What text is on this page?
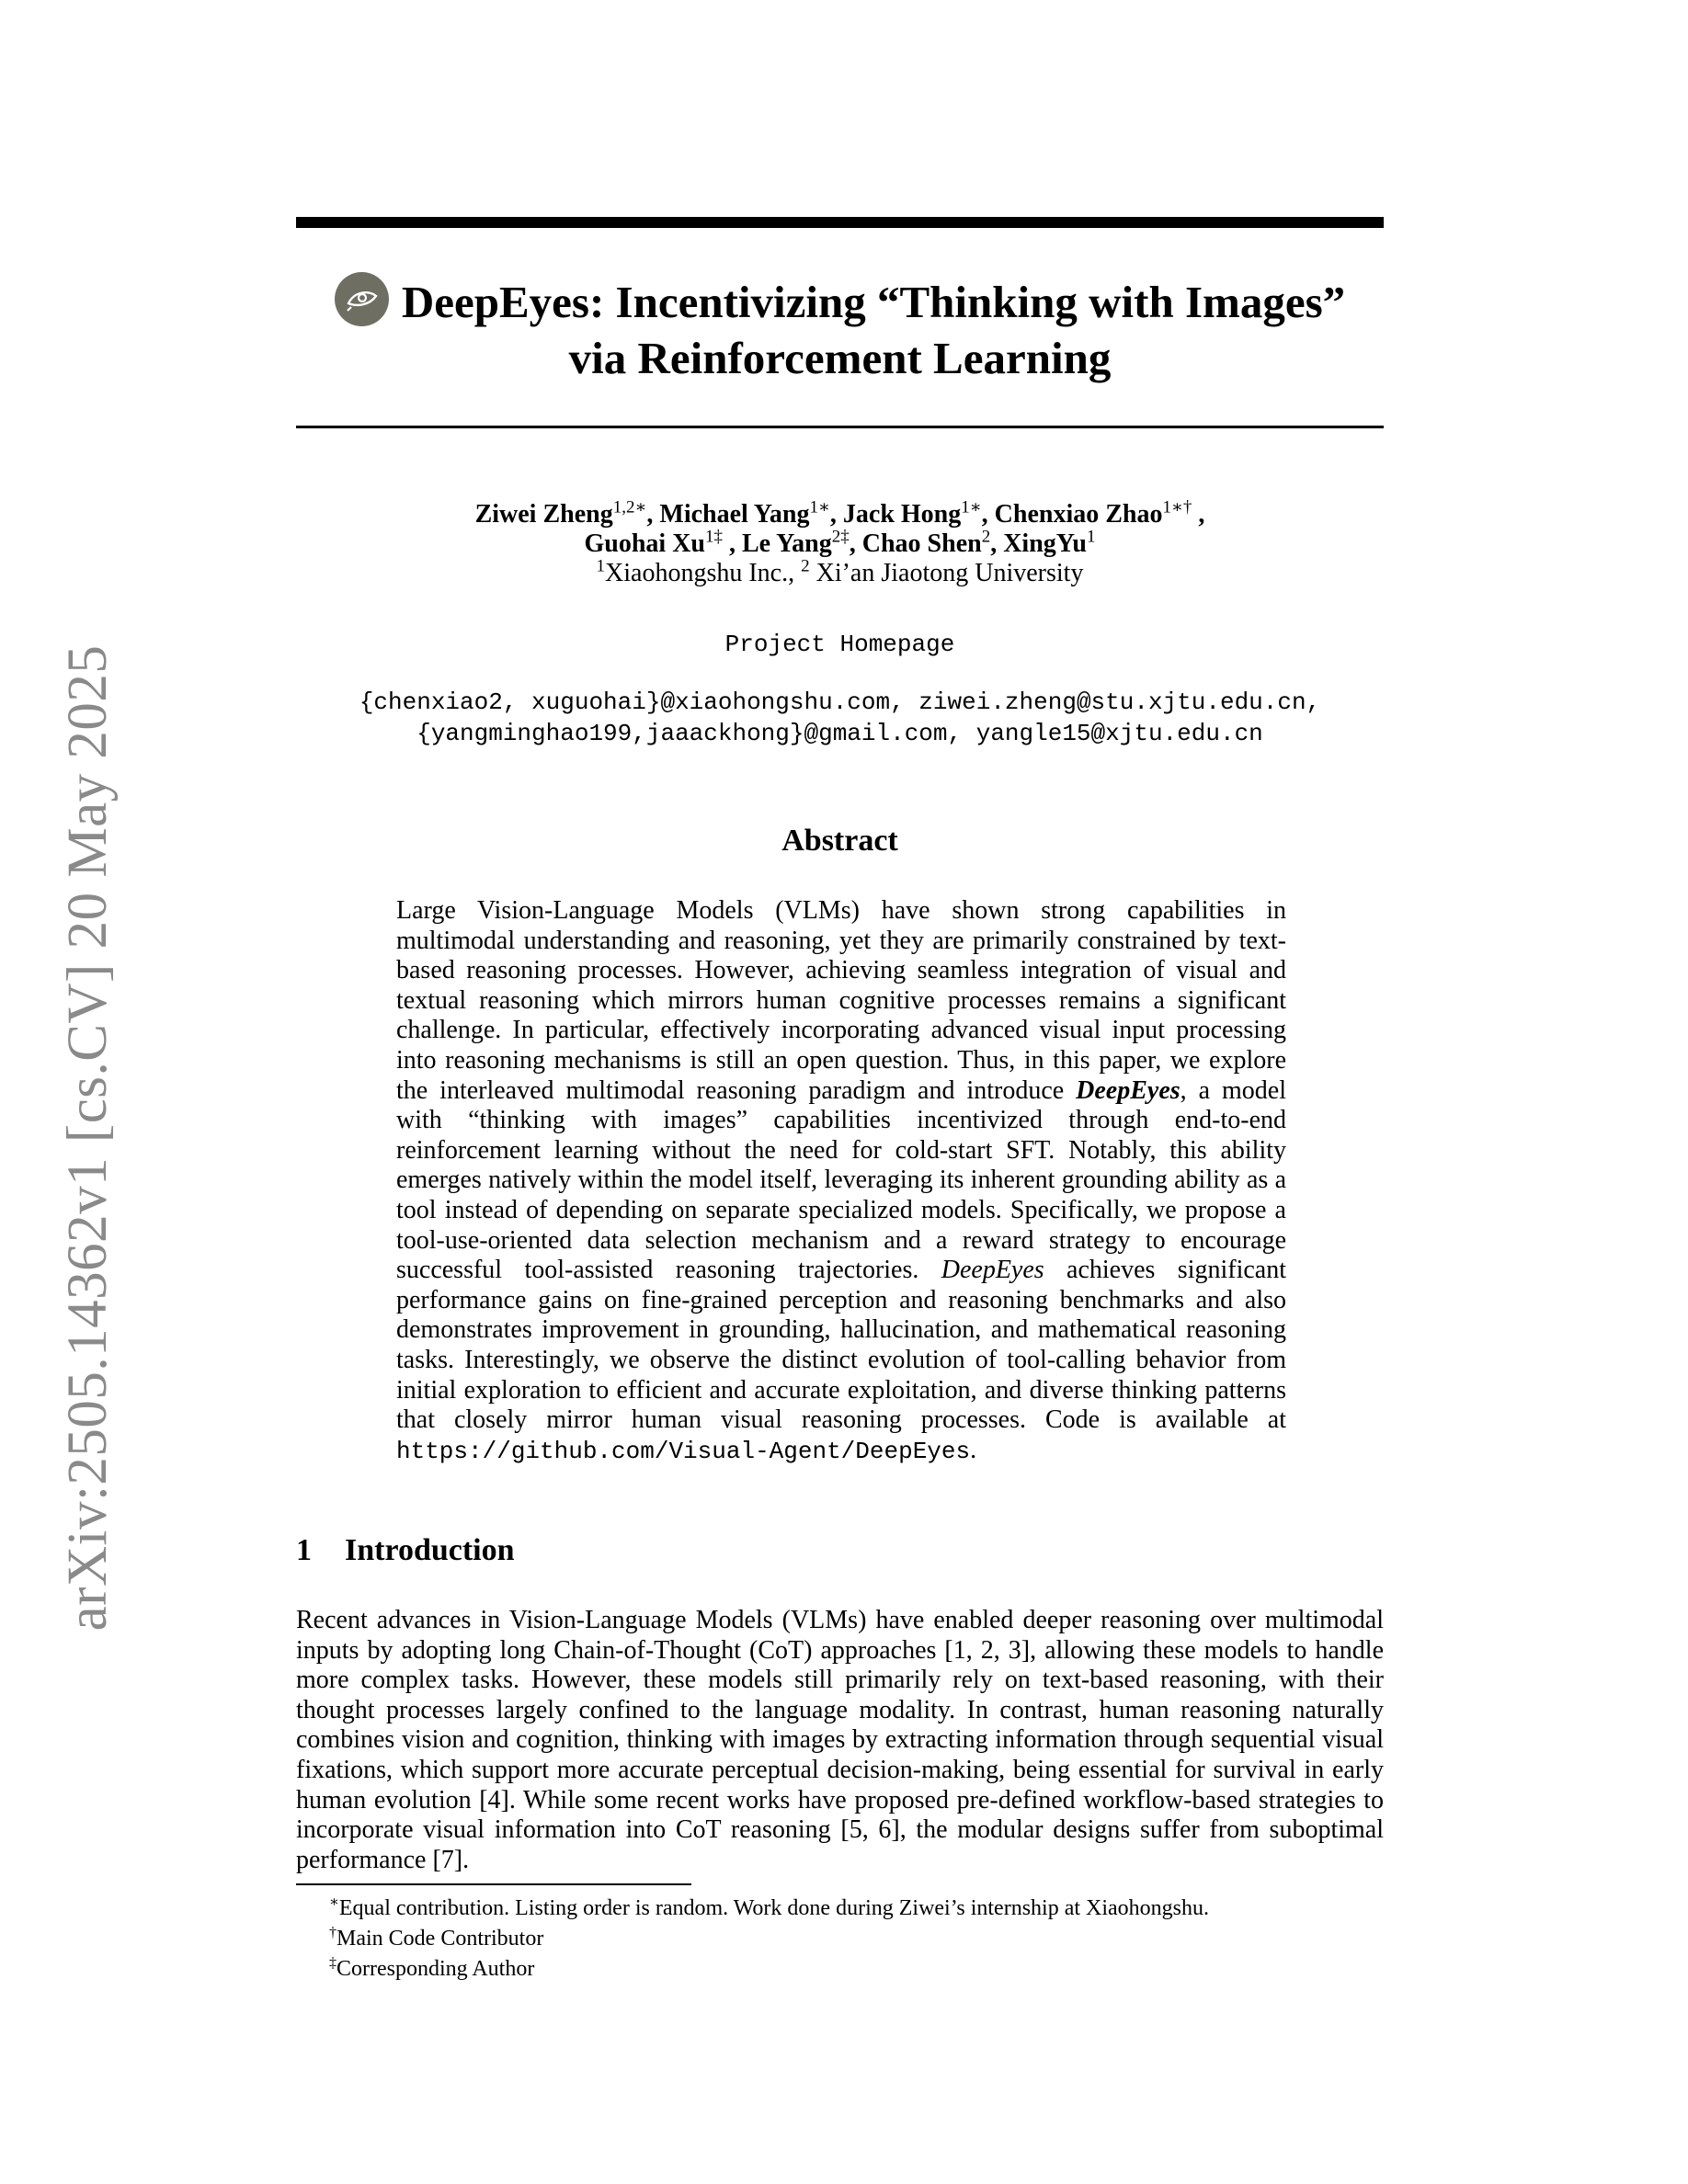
arXiv:2505.14362v1 [cs.CV] 20 May 2025
DeepEyes: Incentivizing “Thinking with Images”
via Reinforcement Learning
Ziwei Zheng$^{1,2∗}$, Michael Yang$^{1∗}$, Jack Hong$^{1∗}$, Chenxiao Zhao$^{1∗\dagger}$ ,
Guohai $Xu^{1\ddagger}$ , Le Yang$^{2\ddagger}$, Chao Shen$^2$, XingYu$^1$
$^1$Xiaohongshu Inc., $^2$ Xi’an Jiaotong University
Project Homepage
{chenxiao2, xuguohai}@xiaohongshu.com, ziwei.zheng@stu.xjtu.edu.cn,
{yangminghao199,jaaackhong}@gmail.com, yangle15@xjtu.edu.cn
Abstract
Large Vision-Language Models (VLMs) have shown strong capabilities in multimodal understanding and reasoning, yet they are primarily constrained by text-based reasoning processes. However, achieving seamless integration of visual and textual reasoning which mirrors human cognitive processes remains a significant challenge. In particular, effectively incorporating advanced visual input processing into reasoning mechanisms is still an open question. Thus, in this paper, we explore the interleaved multimodal reasoning paradigm and introduce DeepEyes, a model with “thinking with images” capabilities incentivized through end-to-end reinforcement learning without the need for cold-start SFT. Notably, this ability emerges natively within the model itself, leveraging its inherent grounding ability as a tool instead of depending on separate specialized models. Specifically, we propose a tool-use-oriented data selection mechanism and a reward strategy to encourage successful tool-assisted reasoning trajectories. DeepEyes achieves significant performance gains on fine-grained perception and reasoning benchmarks and also demonstrates improvement in grounding, hallucination, and mathematical reasoning tasks. Interestingly, we observe the distinct evolution of tool-calling behavior from initial exploration to efficient and accurate exploitation, and diverse thinking patterns that closely mirror human visual reasoning processes. Code is available at https://github.com/Visual-Agent/DeepEyes.
1 Introduction
Recent advances in Vision-Language Models (VLMs) have enabled deeper reasoning over multimodal inputs by adopting long Chain-of-Thought (CoT) approaches [1, 2, 3], allowing these models to handle more complex tasks. However, these models still primarily rely on text-based reasoning, with their thought processes largely confined to the language modality. In contrast, human reasoning naturally combines vision and cognition, thinking with images by extracting information through sequential visual fixations, which support more accurate perceptual decision-making, being essential for survival in early human evolution [4]. While some recent works have proposed pre-defined workflow-based strategies to incorporate visual information into CoT reasoning [5, 6], the modular designs suffer from suboptimal performance [7].
∗Equal contribution. Listing order is random. Work done during Ziwei’s internship at Xiaohongshu.
†Main Code Contributor
‡Corresponding Author
